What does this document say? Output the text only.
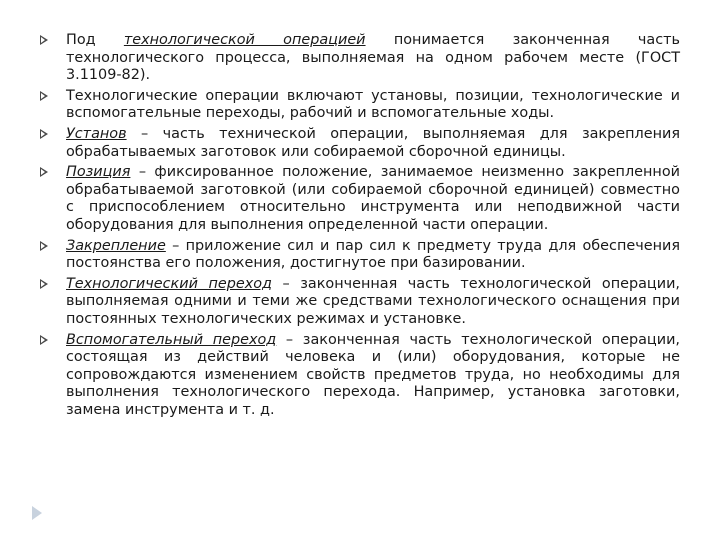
Под технологической операцией понимается законченная часть технологического процесса, выполняемая на одном рабочем месте (ГОСТ 3.1109-82).
Технологические операции включают установы, позиции, технологические и вспомогательные переходы, рабочий и вспомогательные ходы.
Установ – часть технической операции, выполняемая для закрепления обрабатываемых заготовок или собираемой сборочной единицы.
Позиция – фиксированное положение, занимаемое неизменно закрепленной обрабатываемой заготовкой (или собираемой сборочной единицей) совместно с приспособлением относительно инструмента или неподвижной части оборудования для выполнения определенной части операции.
Закрепление – приложение сил и пар сил к предмету труда для обеспечения постоянства его положения, достигнутое при базировании.
Технологический переход – законченная часть технологической операции, выполняемая одними и теми же средствами технологического оснащения при постоянных технологических режимах и установке.
Вспомогательный переход – законченная часть технологической операции, состоящая из действий человека и (или) оборудования, которые не сопровождаются изменением свойств предметов труда, но необходимы для выполнения технологического перехода. Например, установка заготовки, замена инструмента и т. д.
